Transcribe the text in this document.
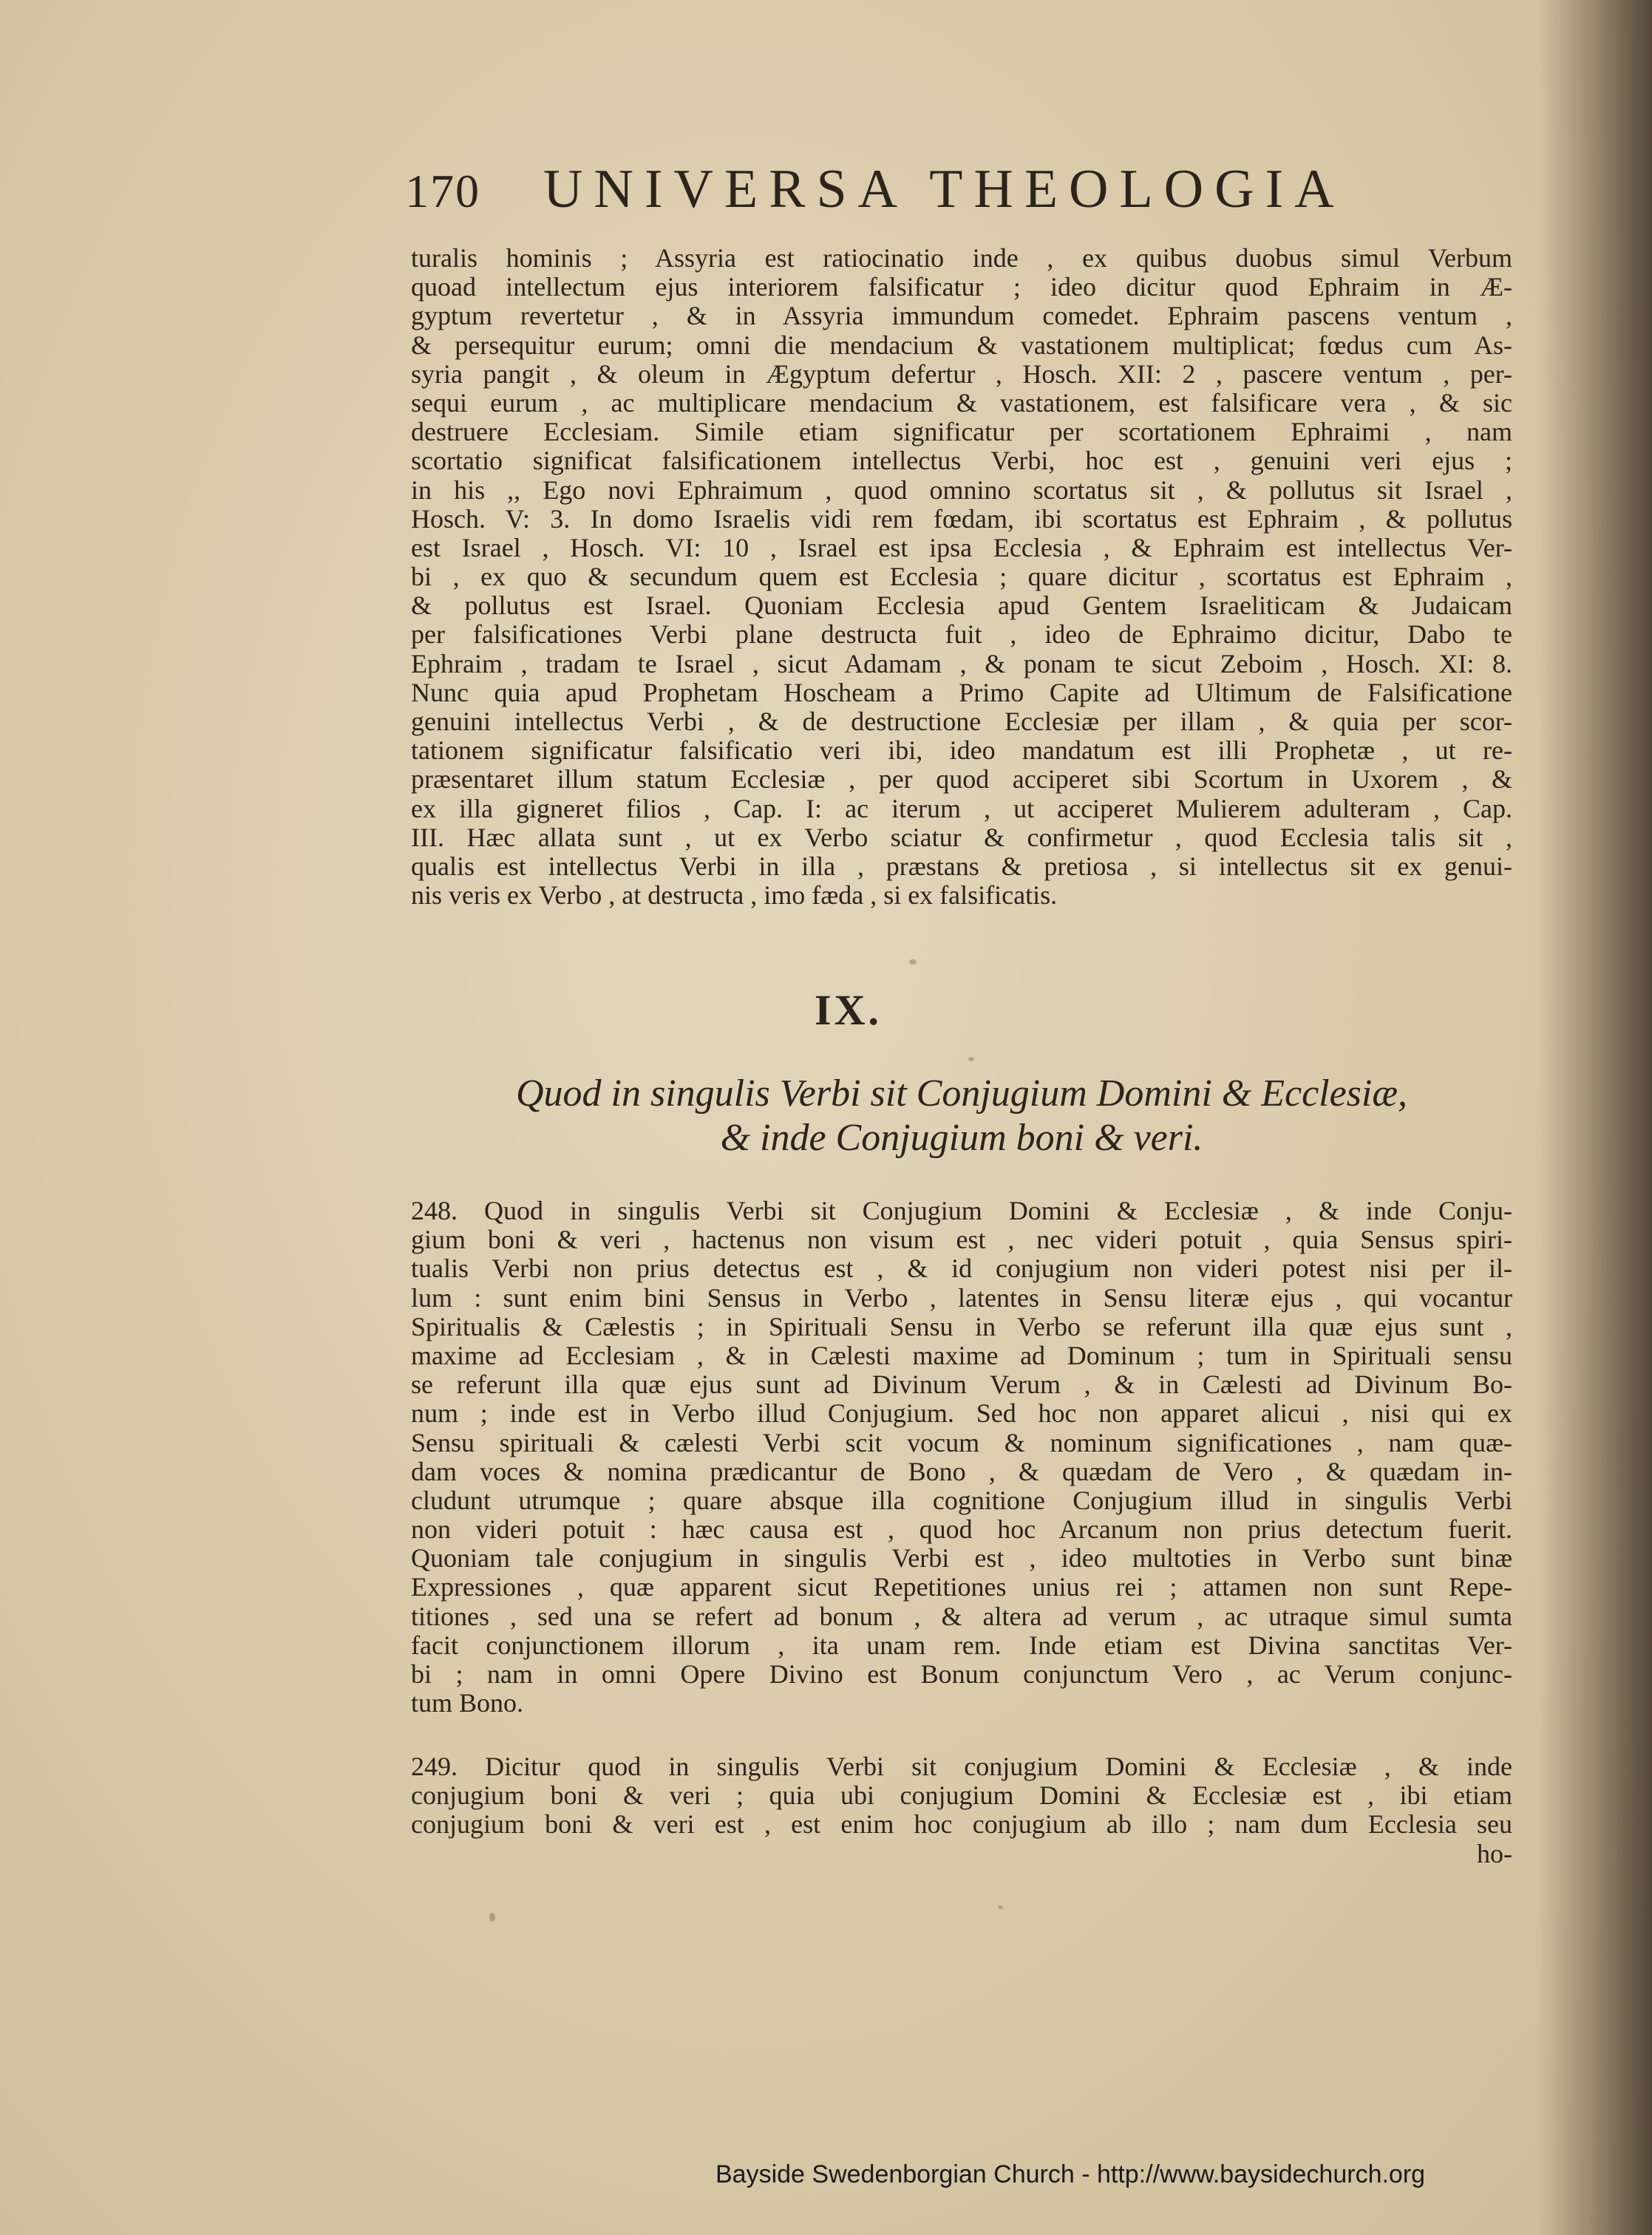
170 UNIVERSA THEOLOGIA
turalis hominis ; Assyria est ratiocinatio inde , ex quibus duobus simul Verbum
quoad intellectum ejus interiorem falsificatur ; ideo dicitur quod Ephraim in Æ-
gyptum revertetur , & in Assyria immundum comedet. Ephraim pascens ventum ,
& persequitur eurum; omni die mendacium & vastationem multiplicat; fœdus cum As-
syria pangit , & oleum in Ægyptum defertur , Hosch. XII: 2 , pascere ventum , per-
sequi eurum , ac multiplicare mendacium & vastationem, est falsificare vera , & sic
destruere Ecclesiam. Simile etiam significatur per scortationem Ephraimi , nam
scortatio significat falsificationem intellectus Verbi, hoc est , genuini veri ejus ;
in his ,, Ego novi Ephraimum , quod omnino scortatus sit , & pollutus sit Israel ,
Hosch. V: 3. In domo Israelis vidi rem fœdam, ibi scortatus est Ephraim , & pollutus
est Israel , Hosch. VI: 10 , Israel est ipsa Ecclesia , & Ephraim est intellectus Ver-
bi , ex quo & secundum quem est Ecclesia ; quare dicitur , scortatus est Ephraim ,
& pollutus est Israel. Quoniam Ecclesia apud Gentem Israeliticam & Judaicam
per falsificationes Verbi plane destructa fuit , ideo de Ephraimo dicitur, Dabo te
Ephraim , tradam te Israel , sicut Adamam , & ponam te sicut Zeboim , Hosch. XI: 8.
Nunc quia apud Prophetam Hoscheam a Primo Capite ad Ultimum de Falsificatione
genuini intellectus Verbi , & de destructione Ecclesiæ per illam , & quia per scor-
tationem significatur falsificatio veri ibi, ideo mandatum est illi Prophetæ , ut re-
præsentaret illum statum Ecclesiæ , per quod acciperet sibi Scortum in Uxorem , &
ex illa gigneret filios , Cap. I: ac iterum , ut acciperet Mulierem adulteram , Cap.
III. Hæc allata sunt , ut ex Verbo sciatur & confirmetur , quod Ecclesia talis sit ,
qualis est intellectus Verbi in illa , præstans & pretiosa , si intellectus sit ex genui-
nis veris ex Verbo , at destructa , imo fæda , si ex falsificatis.
IX.
Quod in singulis Verbi sit Conjugium Domini & Ecclesiæ,
& inde Conjugium boni & veri.
248. Quod in singulis Verbi sit Conjugium Domini & Ecclesiæ , & inde Conju-
gium boni & veri , hactenus non visum est , nec videri potuit , quia Sensus spiri-
tualis Verbi non prius detectus est , & id conjugium non videri potest nisi per il-
lum : sunt enim bini Sensus in Verbo , latentes in Sensu literæ ejus , qui vocantur
Spiritualis & Cælestis ; in Spirituali Sensu in Verbo se referunt illa quæ ejus sunt ,
maxime ad Ecclesiam , & in Cælesti maxime ad Dominum ; tum in Spirituali sensu
se referunt illa quæ ejus sunt ad Divinum Verum , & in Cælesti ad Divinum Bo-
num ; inde est in Verbo illud Conjugium. Sed hoc non apparet alicui , nisi qui ex
Sensu spirituali & cælesti Verbi scit vocum & nominum significationes , nam quæ-
dam voces & nomina prædicantur de Bono , & quædam de Vero , & quædam in-
cludunt utrumque ; quare absque illa cognitione Conjugium illud in singulis Verbi
non videri potuit : hæc causa est , quod hoc Arcanum non prius detectum fuerit.
Quoniam tale conjugium in singulis Verbi est , ideo multoties in Verbo sunt binæ
Expressiones , quæ apparent sicut Repetitiones unius rei ; attamen non sunt Repe-
titiones , sed una se refert ad bonum , & altera ad verum , ac utraque simul sumta
facit conjunctionem illorum , ita unam rem. Inde etiam est Divina sanctitas Ver-
bi ; nam in omni Opere Divino est Bonum conjunctum Vero , ac Verum conjunc-
tum Bono.
249. Dicitur quod in singulis Verbi sit conjugium Domini & Ecclesiæ , & inde
conjugium boni & veri ; quia ubi conjugium Domini & Ecclesiæ est , ibi etiam
conjugium boni & veri est , est enim hoc conjugium ab illo ; nam dum Ecclesia seu
ho-
Bayside Swedenborgian Church - http://www.baysidechurch.org
